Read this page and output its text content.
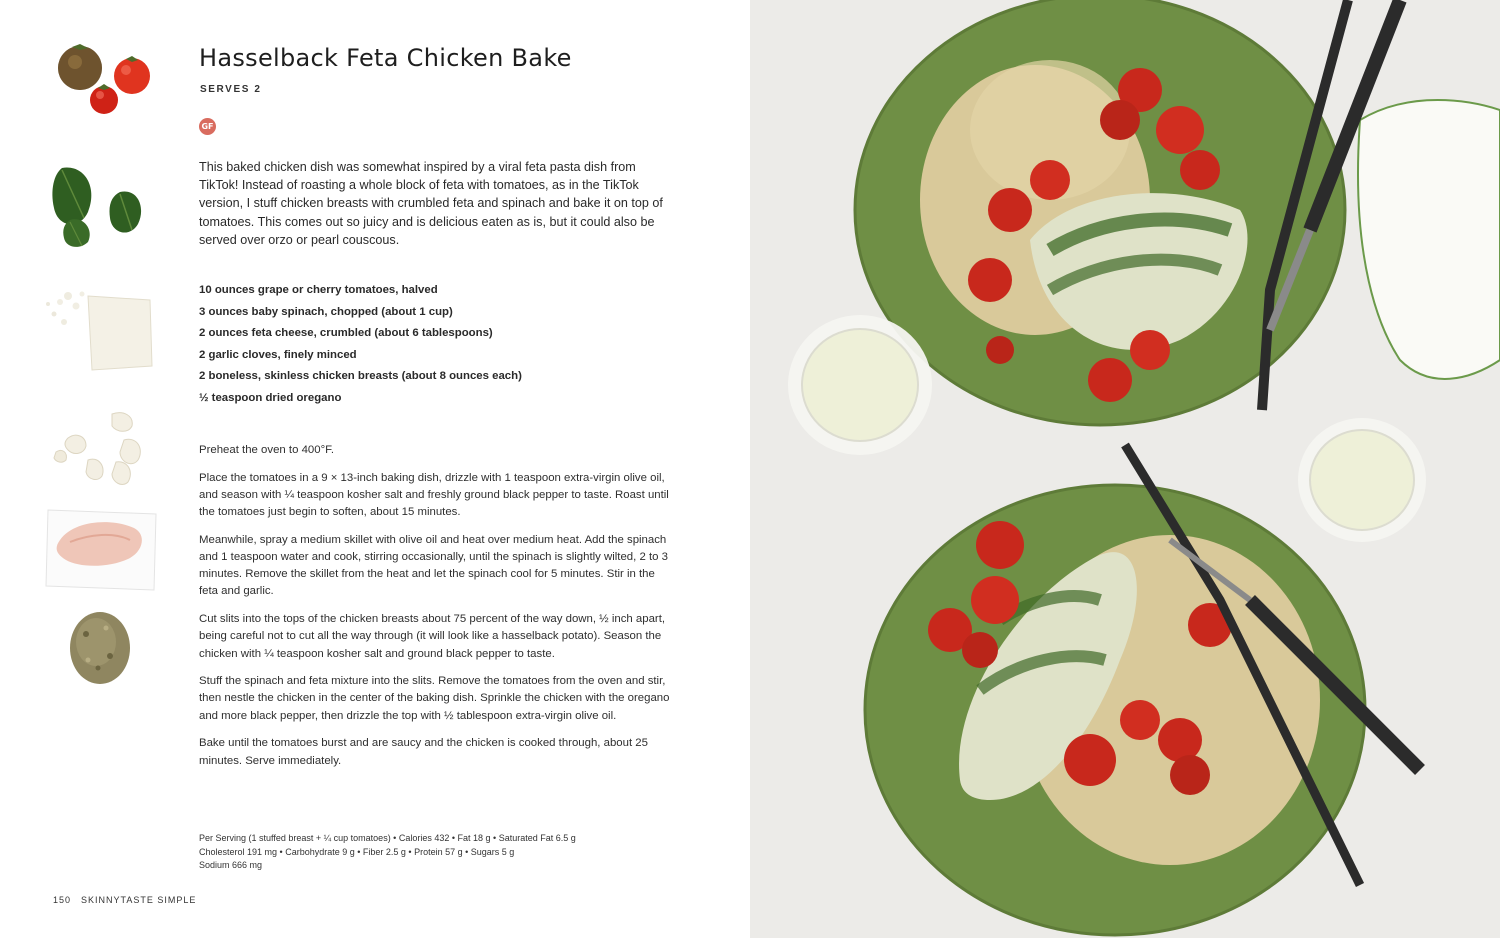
Hasselback Feta Chicken Bake
SERVES 2
GF

This baked chicken dish was somewhat inspired by a viral feta pasta dish from TikTok! Instead of roasting a whole block of feta with tomatoes, as in the TikTok version, I stuff chicken breasts with crumbled feta and spinach and bake it on top of tomatoes. This comes out so juicy and is delicious eaten as is, but it could also be served over orzo or pearl couscous.

10 ounces grape or cherry tomatoes, halved
3 ounces baby spinach, chopped (about 1 cup)
2 ounces feta cheese, crumbled (about 6 tablespoons)
2 garlic cloves, finely minced
2 boneless, skinless chicken breasts (about 8 ounces each)
½ teaspoon dried oregano

Preheat the oven to 400°F.

Place the tomatoes in a 9 × 13-inch baking dish, drizzle with 1 teaspoon extra-virgin olive oil, and season with ¼ teaspoon kosher salt and freshly ground black pepper to taste. Roast until the tomatoes just begin to soften, about 15 minutes.

Meanwhile, spray a medium skillet with olive oil and heat over medium heat. Add the spinach and 1 teaspoon water and cook, stirring occasionally, until the spinach is slightly wilted, 2 to 3 minutes. Remove the skillet from the heat and let the spinach cool for 5 minutes. Stir in the feta and garlic.

Cut slits into the tops of the chicken breasts about 75 percent of the way down, ½ inch apart, being careful not to cut all the way through (it will look like a hasselback potato). Season the chicken with ¼ teaspoon kosher salt and ground black pepper to taste.

Stuff the spinach and feta mixture into the slits. Remove the tomatoes from the oven and stir, then nestle the chicken in the center of the baking dish. Sprinkle the chicken with the oregano and more black pepper, then drizzle the top with ½ tablespoon extra-virgin olive oil.

Bake until the tomatoes burst and are saucy and the chicken is cooked through, about 25 minutes. Serve immediately.

Per Serving (1 stuffed breast + ¼ cup tomatoes) • Calories 432 • Fat 18 g • Saturated Fat 6.5 g
Cholesterol 191 mg • Carbohydrate 9 g • Fiber 2.5 g • Protein 57 g • Sugars 5 g
Sodium 666 mg
150 SKINNYTASTE SIMPLE
